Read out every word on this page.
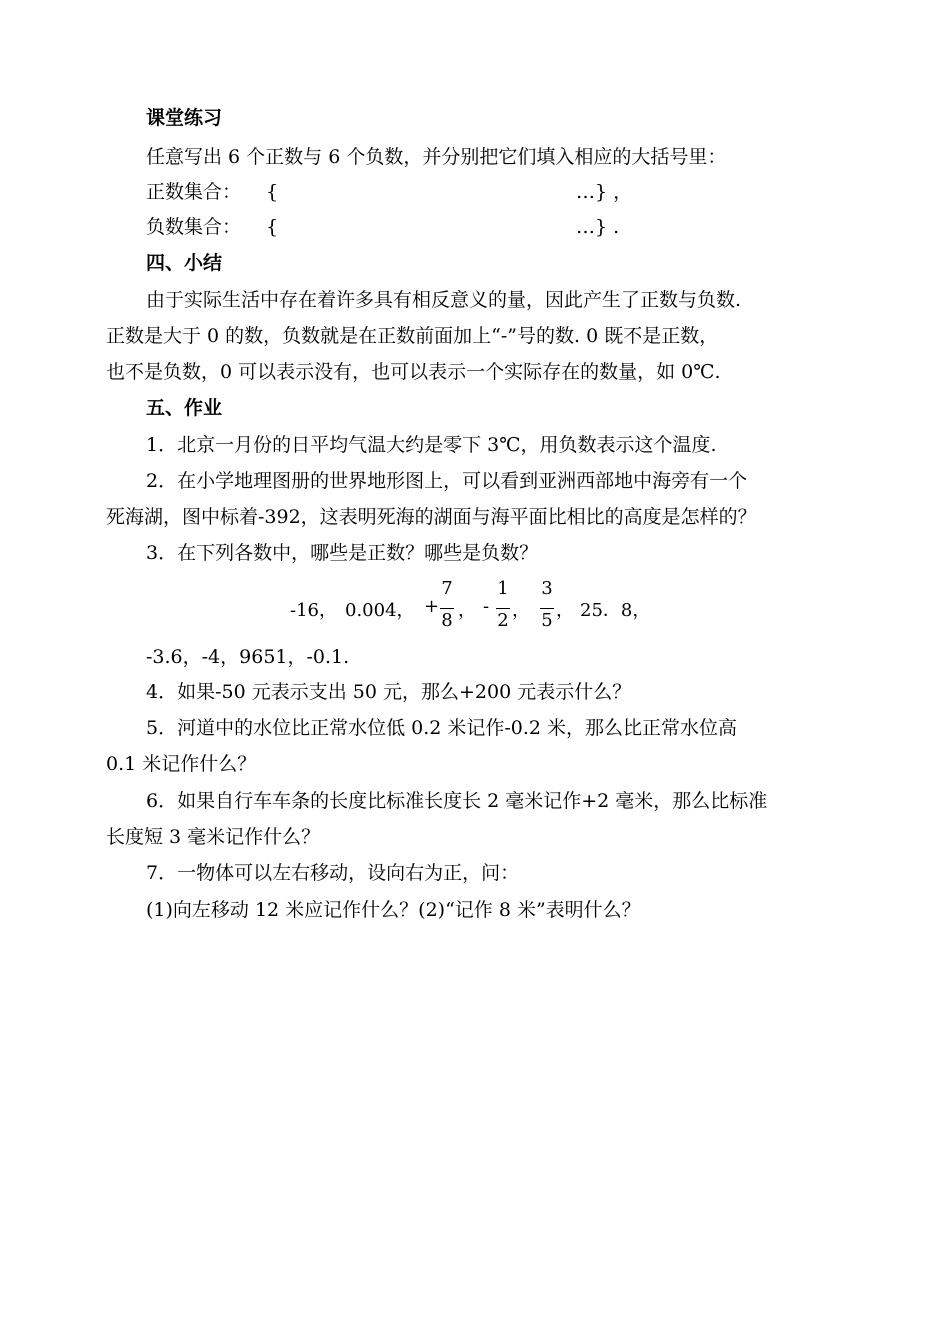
课堂练习
任意写出 6 个正数与 6 个负数，并分别把它们填入相应的大括号里：
正数集合： {	…} ，
负数集合： {	…} .
四、小结
由于实际生活中存在着许多具有相反意义的量，因此产生了正数与负数.
正数是大于 0 的数，负数就是在正数前面加上“-”号的数. 0 既不是正数，
也不是负数，0 可以表示没有，也可以表示一个实际存在的数量，如 0℃.
五、作业
1．北京一月份的日平均气温大约是零下 3℃，用负数表示这个温度.
2．在小学地理图册的世界地形图上，可以看到亚洲西部地中海旁有一个
死海湖，图中标着-392，这表明死海的湖面与海平面比相比的高度是怎样的？
3．在下列各数中，哪些是正数？哪些是负数？
-16， 0.004， +
7
8 ， -
1
2 ，
3
5 ， 25．8，
-3.6，-4，9651，-0.1.
4．如果-50 元表示支出 50 元，那么+200 元表示什么？
5．河道中的水位比正常水位低 0.2 米记作-0.2 米，那么比正常水位高
0.1 米记作什么？
6．如果自行车车条的长度比标准长度长 2 毫米记作+2 毫米，那么比标准
长度短 3 毫米记作什么？
7．一物体可以左右移动，设向右为正，问：
(1)向左移动 12 米应记作什么？(2)“记作 8 米”表明什么？
